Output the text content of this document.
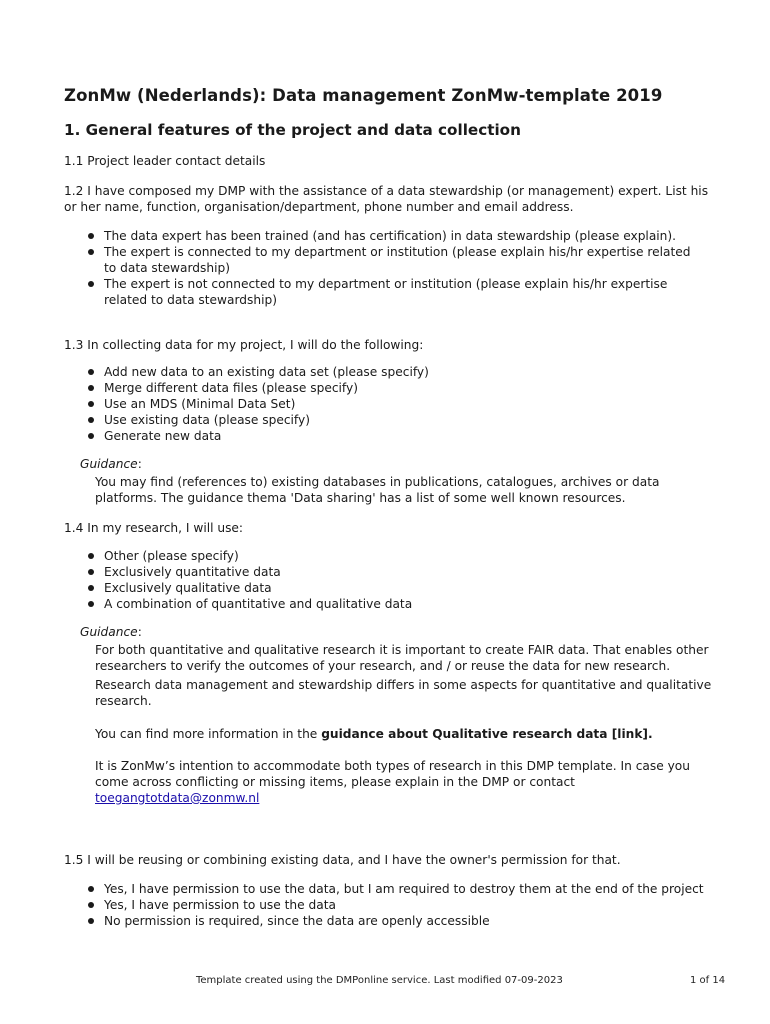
ZonMw (Nederlands): Data management ZonMw-template 2019
1. General features of the project and data collection

1.1 Project leader contact details

1.2 I have composed my DMP with the assistance of a data stewardship (or management) expert. List his or her name, function, organisation/department, phone number and email address.

The data expert has been trained (and has certification) in data stewardship (please explain).
The expert is connected to my department or institution (please explain his/hr expertise related to data stewardship)
The expert is not connected to my department or institution (please explain his/hr expertise related to data stewardship)

1.3 In collecting data for my project, I will do the following:

Add new data to an existing data set (please specify)
Merge different data files (please specify)
Use an MDS (Minimal Data Set)
Use existing data (please specify)
Generate new data
Guidance:

You may find (references to) existing databases in publications, catalogues, archives or data platforms. The guidance thema 'Data sharing' has a list of some well known resources.

1.4 In my research, I will use:

Other (please specify)
Exclusively quantitative data
Exclusively qualitative data
A combination of quantitative and qualitative data
Guidance:

For both quantitative and qualitative research it is important to create FAIR data. That enables other researchers to verify the outcomes of your research, and / or reuse the data for new research.

Research data management and stewardship differs in some aspects for quantitative and qualitative research.

You can find more information in the guidance about Qualitative research data [link].

It is ZonMw’s intention to accommodate both types of research in this DMP template. In case you come across conflicting or missing items, please explain in the DMP or contact
toegangtotdata@zonmw.nl

1.5 I will be reusing or combining existing data, and I have the owner's permission for that.

Yes, I have permission to use the data, but I am required to destroy them at the end of the project
Yes, I have permission to use the data
No permission is required, since the data are openly accessible
Template created using the DMPonline service. Last modified 07-09-2023	1 of 14
